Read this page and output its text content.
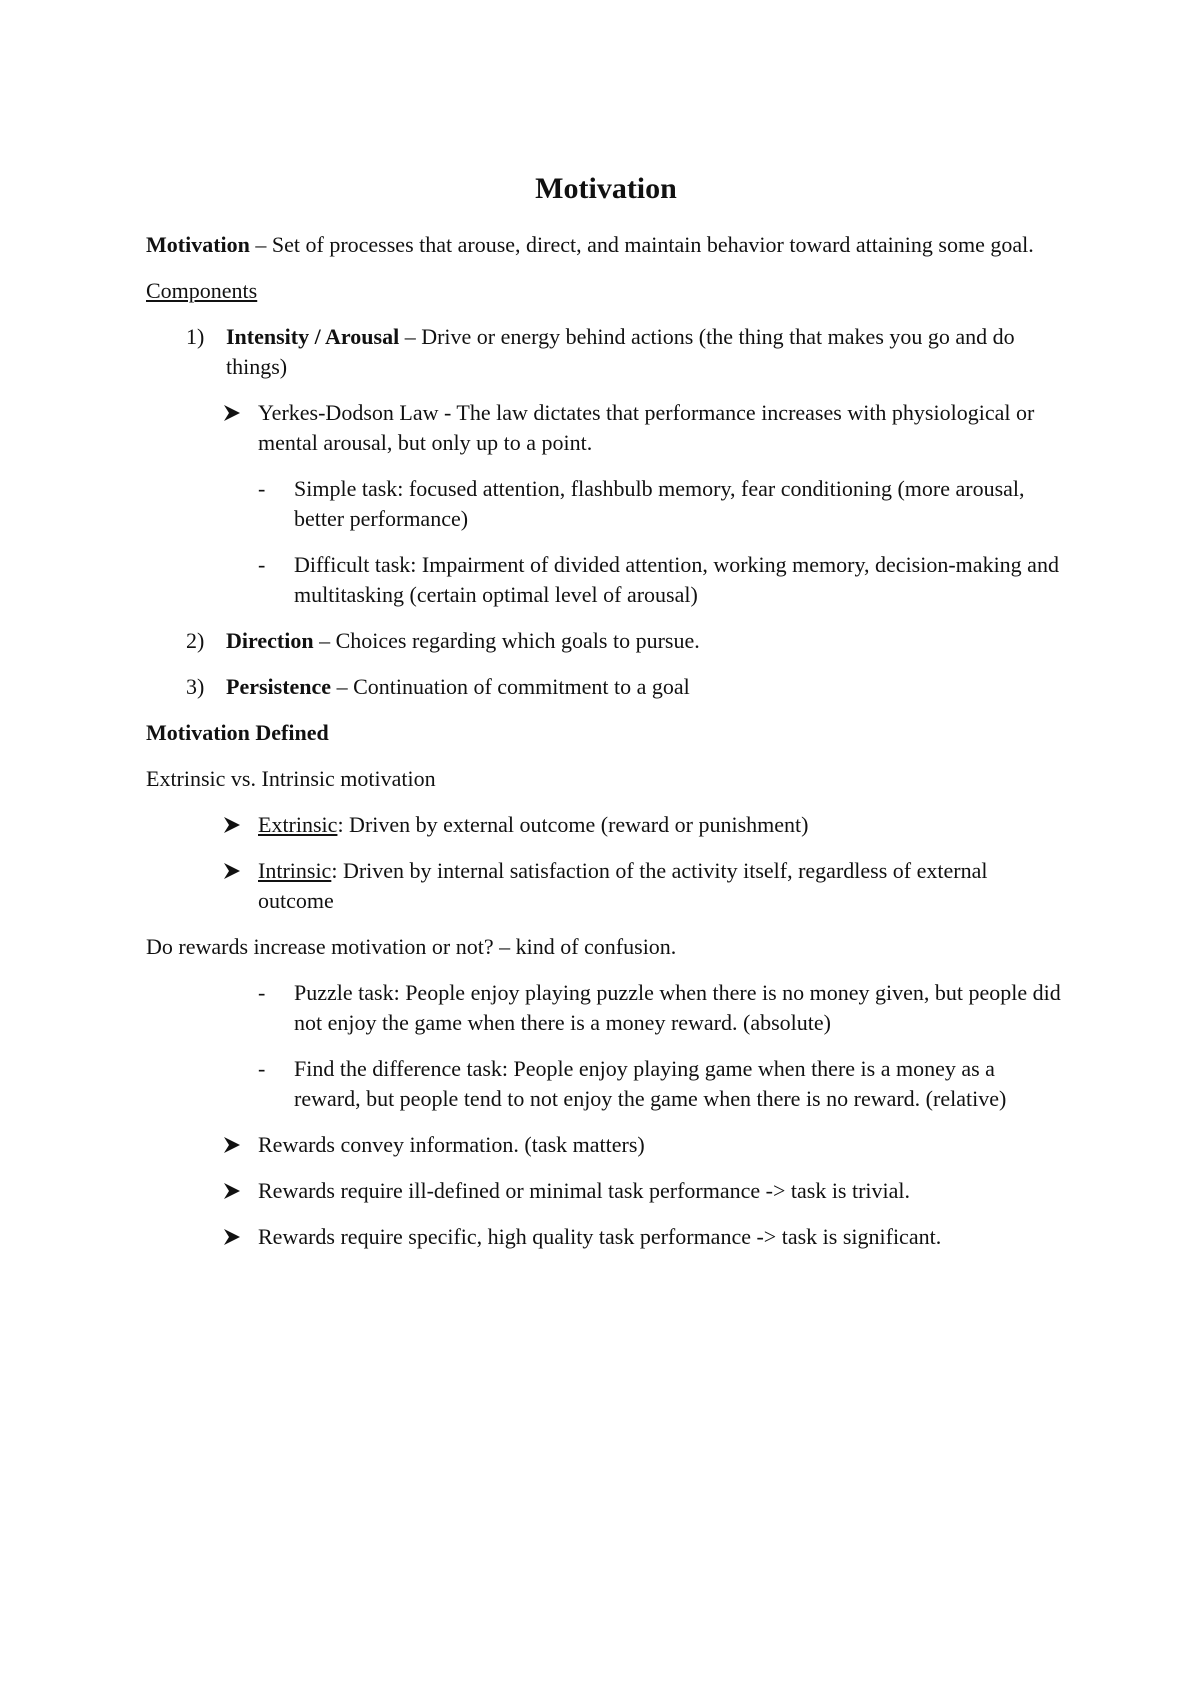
Motivation

Motivation – Set of processes that arouse, direct, and maintain behavior toward attaining some goal.

Components

1) Intensity / Arousal – Drive or energy behind actions (the thing that makes you go and do things)
Yerkes-Dodson Law - The law dictates that performance increases with physiological or mental arousal, but only up to a point.
-	Simple task: focused attention, flashbulb memory, fear conditioning (more arousal, better performance)
-	Difficult task: Impairment of divided attention, working memory, decision-making and multitasking (certain optimal level of arousal)
2) Direction – Choices regarding which goals to pursue.
3) Persistence – Continuation of commitment to a goal

Motivation Defined

Extrinsic vs. Intrinsic motivation

Extrinsic: Driven by external outcome (reward or punishment)
Intrinsic: Driven by internal satisfaction of the activity itself, regardless of external outcome

Do rewards increase motivation or not? – kind of confusion.

-	Puzzle task: People enjoy playing puzzle when there is no money given, but people did not enjoy the game when there is a money reward. (absolute)
-	Find the difference task: People enjoy playing game when there is a money as a reward, but people tend to not enjoy the game when there is no reward. (relative)
Rewards convey information. (task matters)
Rewards require ill-defined or minimal task performance -> task is trivial.
Rewards require specific, high quality task performance -> task is significant.
